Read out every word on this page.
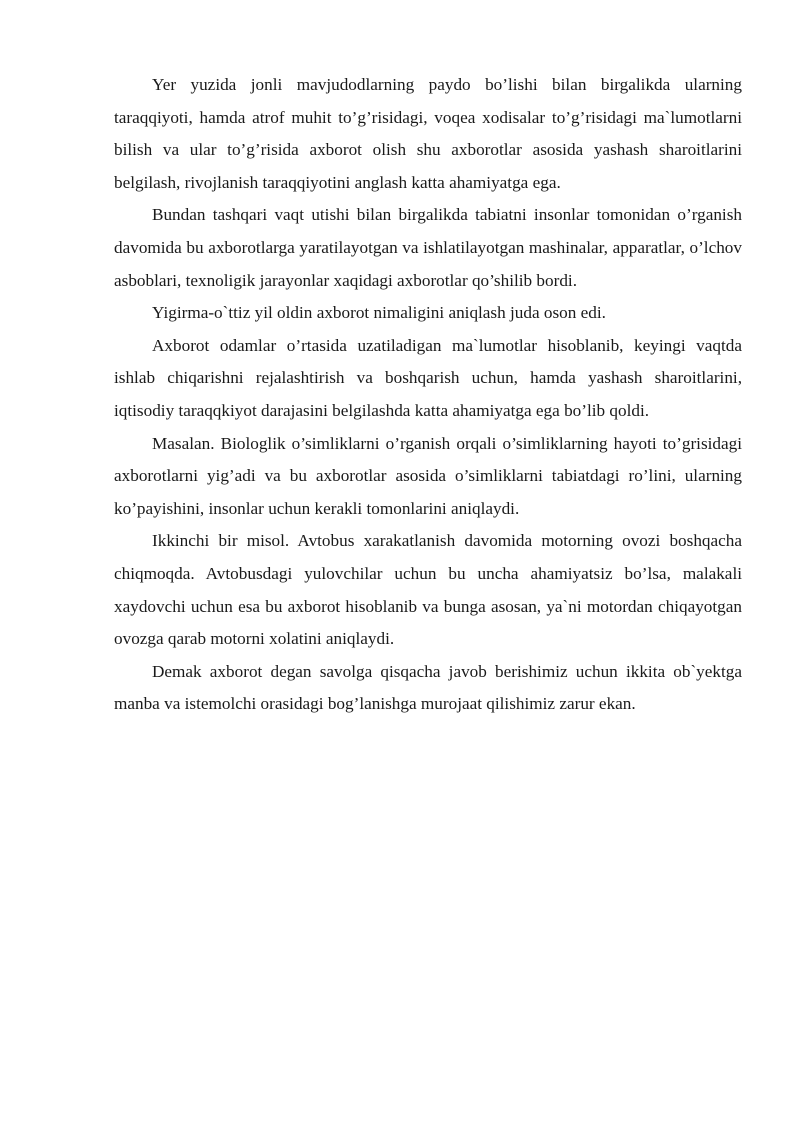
Yer yuzida jonli mavjudodlarning paydo bo’lishi bilan birgalikda ularning taraqqiyoti, hamda atrof muhit to’g’risidagi, voqea xodisalar to’g’risidagi ma`lumotlarni bilish va ular to’g’risida axborot olish shu axborotlar asosida yashash sharoitlarini belgilash, rivojlanish taraqqiyotini anglash katta ahamiyatga ega.

Bundan tashqari vaqt utishi bilan birgalikda tabiatni insonlar tomonidan o’rganish davomida bu axborotlarga yaratilayotgan va ishlatilayotgan mashinalar, apparatlar, o’lchov asboblari, texnoligik jarayonlar xaqidagi axborotlar qo’shilib bordi.

Yigirma-o`ttiz yil oldin axborot nimaligini aniqlash juda oson edi.

Axborot odamlar o’rtasida uzatiladigan ma`lumotlar hisoblanib, keyingi vaqtda ishlab chiqarishni rejalashtirish va boshqarish uchun, hamda yashash sharoitlarini, iqtisodiy taraqqkiyot darajasini belgilashda katta ahamiyatga ega bo’lib qoldi.

Masalan. Biologlik o’simliklarni o’rganish orqali o’simliklarning hayoti to’grisidagi axborotlarni yig’adi va bu axborotlar asosida o’simliklarni tabiatdagi ro’lini, ularning ko’payishini, insonlar uchun kerakli tomonlarini aniqlaydi.

Ikkinchi bir misol. Avtobus xarakatlanish davomida motorning ovozi boshqacha chiqmoqda. Avtobusdagi yulovchilar uchun bu uncha ahamiyatsiz bo’lsa, malakali xaydovchi uchun esa bu axborot hisoblanib va bunga asosan, ya`ni motordan chiqayotgan ovozga qarab motorni xolatini aniqlaydi.

Demak axborot degan savolga qisqacha javob berishimiz uchun ikkita ob`yektga manba va istemolchi orasidagi bog’lanishga murojaat qilishimiz zarur ekan.
